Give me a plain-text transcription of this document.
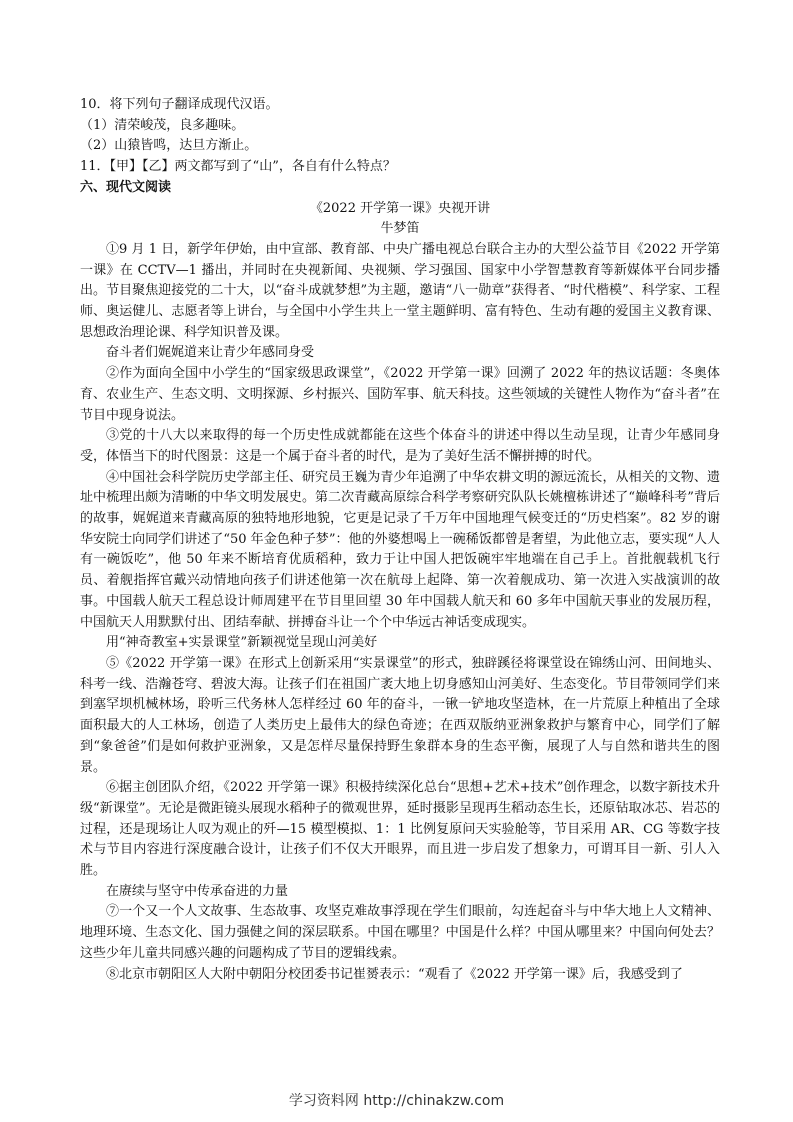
10．将下列句子翻译成现代汉语。
（1）清荣峻茂，良多趣味。
（2）山猿皆鸣，达旦方渐止。
11．【甲】【乙】两文都写到了“山”，各自有什么特点？
六、现代文阅读
《2022 开学第一课》央视开讲
牛梦笛
①9 月 1 日，新学年伊始，由中宣部、教育部、中央广播电视总台联合主办的大型公益节目《2022 开学第一课》在 CCTV—1 播出，并同时在央视新闻、央视频、学习强国、国家中小学智慧教育等新媒体平台同步播出。节目聚焦迎接党的二十大，以“奋斗成就梦想”为主题，邀请“八一勋章”获得者、“时代楷模”、科学家、工程师、奥运健儿、志愿者等上讲台，与全国中小学生共上一堂主题鲜明、富有特色、生动有趣的爱国主义教育课、思想政治理论课、科学知识普及课。
奋斗者们娓娓道来让青少年感同身受
②作为面向全国中小学生的“国家级思政课堂”，《2022 开学第一课》回溯了 2022 年的热议话题：冬奥体育、农业生产、生态文明、文明探源、乡村振兴、国防军事、航天科技。这些领域的关键性人物作为“奋斗者”在节目中现身说法。
③党的十八大以来取得的每一个历史性成就都能在这些个体奋斗的讲述中得以生动呈现，让青少年感同身受，体悟当下的时代图景：这是一个属于奋斗者的时代，是为了美好生活不懈拼搏的时代。
④中国社会科学院历史学部主任、研究员王巍为青少年追溯了中华农耕文明的源远流长，从相关的文物、遗址中梳理出颇为清晰的中华文明发展史。第二次青藏高原综合科学考察研究队队长姚檀栋讲述了“巅峰科考”背后的故事，娓娓道来青藏高原的独特地形地貌，它更是记录了千万年中国地理气候变迁的“历史档案”。82 岁的谢华安院士向同学们讲述了“50 年金色种子梦”：他的外婆想喝上一碗稀饭都曾是奢望，为此他立志，要实现“人人有一碗饭吃”，他 50 年来不断培育优质稻种，致力于让中国人把饭碗牢牢地端在自己手上。首批舰载机飞行员、着舰指挥官戴兴动情地向孩子们讲述他第一次在航母上起降、第一次着舰成功、第一次进入实战演训的故事。中国载人航天工程总设计师周建平在节目里回望 30 年中国载人航天和 60 多年中国航天事业的发展历程，中国航天人用默默付出、团结奉献、拼搏奋斗让一个个中华远古神话变成现实。
用“神奇教室+实景课堂”新颖视觉呈现山河美好
⑤《2022 开学第一课》在形式上创新采用“实景课堂”的形式，独辟蹊径将课堂设在锦绣山河、田间地头、科考一线、浩瀚苍穹、碧波大海。让孩子们在祖国广袤大地上切身感知山河美好、生态变化。节目带领同学们来到塞罕坝机械林场，聆听三代务林人怎样经过 60 年的奋斗，一锹一铲地攻坚造林，在一片荒原上种植出了全球面积最大的人工林场，创造了人类历史上最伟大的绿色奇迹；在西双版纳亚洲象救护与繁育中心，同学们了解到“象爸爸”们是如何救护亚洲象，又是怎样尽量保持野生象群本身的生态平衡，展现了人与自然和谐共生的图景。
⑥据主创团队介绍，《2022 开学第一课》积极持续深化总台“思想+艺术+技术”创作理念，以数字新技术升级“新课堂”。无论是微距镜头展现水稻种子的微观世界，延时摄影呈现再生稻动态生长，还原钻取冰芯、岩芯的过程，还是现场让人叹为观止的歼—15 模型模拟、1：1 比例复原问天实验舱等，节目采用 AR、CG 等数字技术与节目内容进行深度融合设计，让孩子们不仅大开眼界，而且进一步启发了想象力，可谓耳目一新、引人入胜。
在赓续与坚守中传承奋进的力量
⑦一个又一个人文故事、生态故事、攻坚克难故事浮现在学生们眼前，勾连起奋斗与中华大地上人文精神、地理环境、生态文化、国力强健之间的深层联系。中国在哪里？中国是什么样？中国从哪里来？中国向何处去？这些少年儿童共同感兴趣的问题构成了节目的逻辑线索。
⑧北京市朝阳区人大附中朝阳分校团委书记崔赟表示：“观看了《2022 开学第一课》后，我感受到了
学习资料网 http://chinakzw.com
